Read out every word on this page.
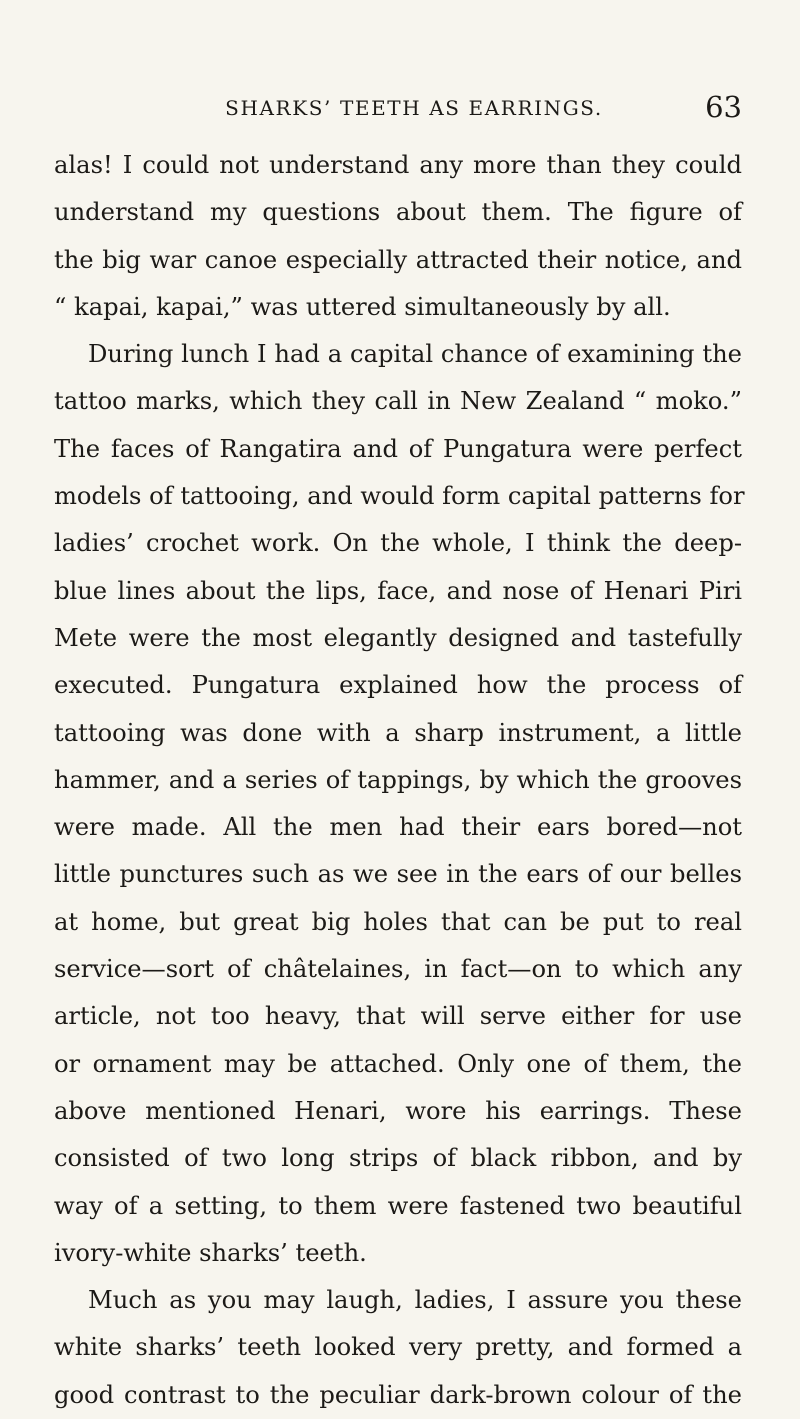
SHARKS’ TEETH AS EARRINGS.	63
alas! I could not understand any more than they could
understand my questions about them. The figure of
the big war canoe especially attracted their notice, and
“ kapai, kapai,” was uttered simultaneously by all.
During lunch I had a capital chance of examining the
tattoo marks, which they call in New Zealand “ moko.”
The faces of Rangatira and of Pungatura were perfect
models of tattooing, and would form capital patterns for
ladies’ crochet work. On the whole, I think the deep-
blue lines about the lips, face, and nose of Henari Piri
Mete were the most elegantly designed and tastefully
executed. Pungatura explained how the process of
tattooing was done with a sharp instrument, a little
hammer, and a series of tappings, by which the grooves
were made. All the men had their ears bored—not
little punctures such as we see in the ears of our belles
at home, but great big holes that can be put to real
service—sort of châtelaines, in fact—on to which any
article, not too heavy, that will serve either for use
or ornament may be attached. Only one of them, the
above mentioned Henari, wore his earrings. These
consisted of two long strips of black ribbon, and by
way of a setting, to them were fastened two beautiful
ivory-white sharks’ teeth.
Much as you may laugh, ladies, I assure you these
white sharks’ teeth looked very pretty, and formed a
good contrast to the peculiar dark-brown colour of the
